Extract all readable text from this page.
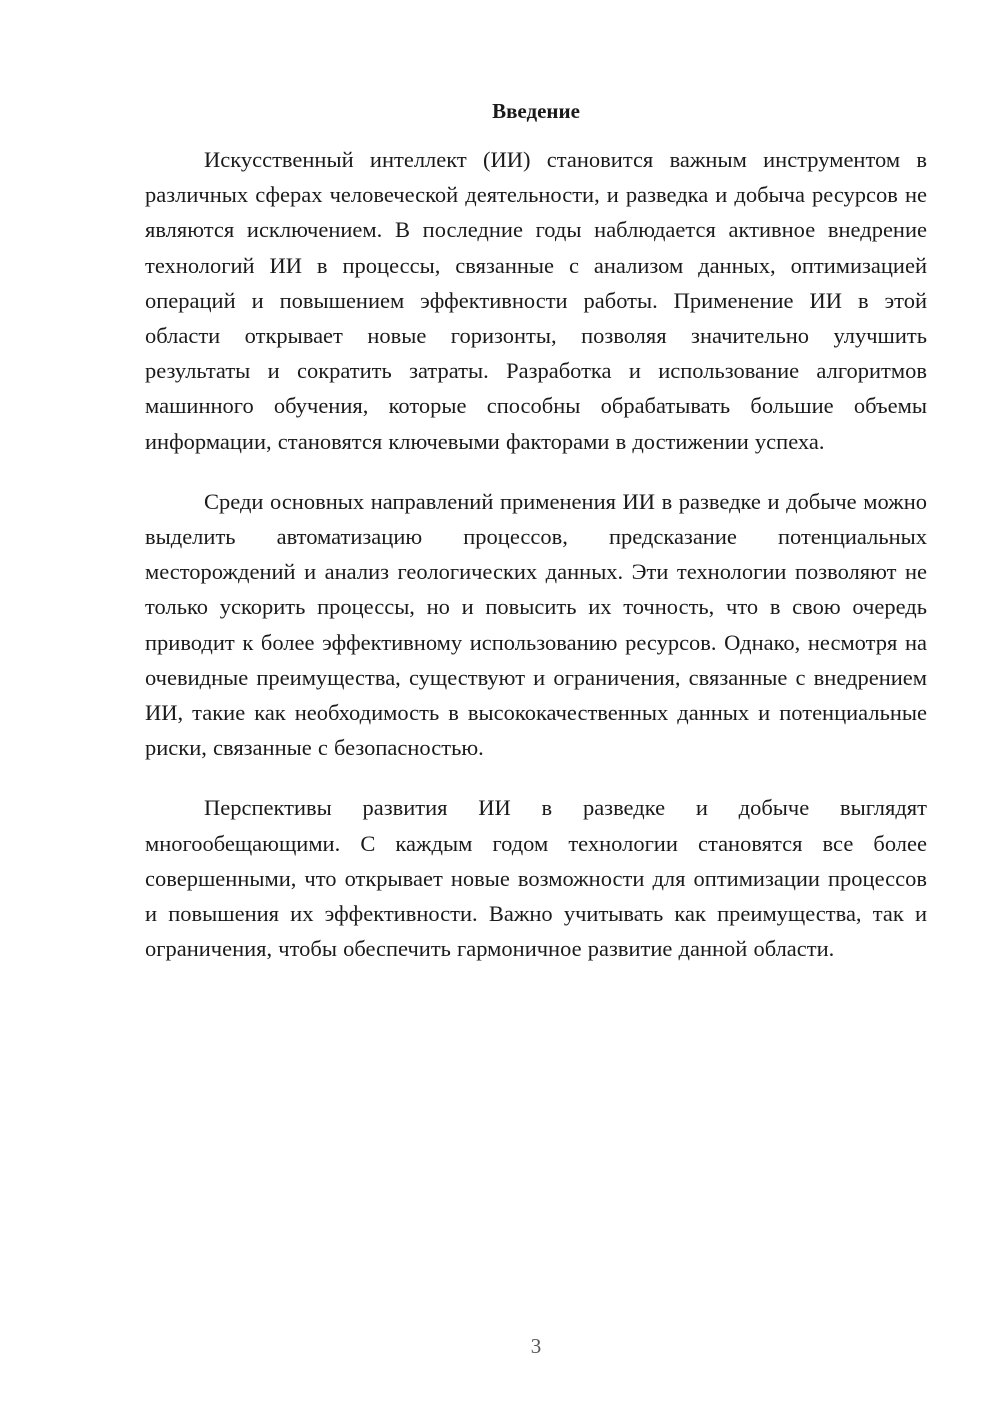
Введение

Искусственный интеллект (ИИ) становится важным инструментом в различных сферах человеческой деятельности, и разведка и добыча ресурсов не являются исключением. В последние годы наблюдается активное внедрение технологий ИИ в процессы, связанные с анализом данных, оптимизацией операций и повышением эффективности работы. Применение ИИ в этой области открывает новые горизонты, позволяя значительно улучшить результаты и сократить затраты. Разработка и использование алгоритмов машинного обучения, которые способны обрабатывать большие объемы информации, становятся ключевыми факторами в достижении успеха.

Среди основных направлений применения ИИ в разведке и добыче можно выделить автоматизацию процессов, предсказание потенциальных месторождений и анализ геологических данных. Эти технологии позволяют не только ускорить процессы, но и повысить их точность, что в свою очередь приводит к более эффективному использованию ресурсов. Однако, несмотря на очевидные преимущества, существуют и ограничения, связанные с внедрением ИИ, такие как необходимость в высококачественных данных и потенциальные риски, связанные с безопасностью.

Перспективы развития ИИ в разведке и добыче выглядят многообещающими. С каждым годом технологии становятся все более совершенными, что открывает новые возможности для оптимизации процессов и повышения их эффективности. Важно учитывать как преимущества, так и ограничения, чтобы обеспечить гармоничное развитие данной области.

3
